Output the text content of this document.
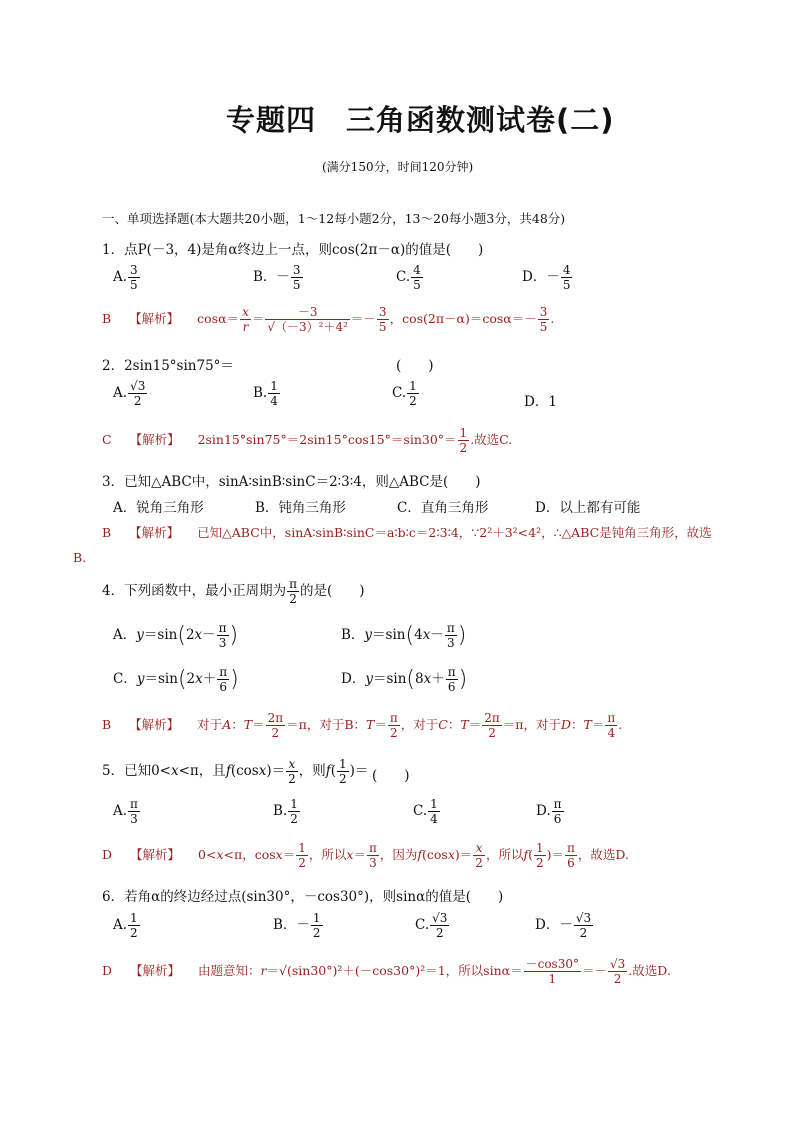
专题四　三角函数测试卷(二)
(满分150分，时间120分钟)
一、单项选择题(本大题共20小题，1～12每小题2分，13～20每小题3分，共48分)
1．点P(－3，4)是角α终边上一点，则cos(2π－α)的值是(　　)
A. $\frac{3}{5}$	B．－ $\frac{3}{5}$	C. $\frac{4}{5}$	D．－ $\frac{4}{5}$
B 【解析】 $\cos\alpha= \frac{x}{r} = \frac{-3}{\text{√（－3）²＋4²}} =- \frac{3}{5}$ ，$\cos(2\pi-\alpha)=\cos\alpha=- \frac{3}{5}$ .
2．2sin15°sin75°＝	(　　)
A. $\frac{√3}{2}$	B. $\frac{1}{4}$	C. $\frac{1}{2}$	D．1
C 【解析】 $2\sin 15^\circ\sin 75^\circ=2\sin 15^\circ\cos 15^\circ=\sin 30^\circ= \frac{1}{2}$ .故选C.
3．已知△ABC中，sinA∶sinB∶sinC＝2∶3∶4，则△ABC是(　　)
A．锐角三角形	B．钝角三角形	C．直角三角形	D．以上都有可能
B 【解析】 已知△ABC中，sinA∶sinB∶sinC＝a∶b∶c＝2∶3∶4，∵2²＋3²<4²，∴△ABC是钝角三角形，故选
B.
4．下列函数中，最小正周期为 $\frac{\pi}{2}$ 的是(　　)
A．$y=\sin(2x- \frac{\pi}{3}$ )	B．$y=\sin(4x- \frac{\pi}{3}$ )
C．$y=\sin(2x+ \frac{\pi}{6}$ )	D．$y=\sin(8x+ \frac{\pi}{6}$ )
B 【解析】 对于A：$T= \frac{2\pi}{2} =\pi$，对于B：$T= \frac{\pi}{2}$ ，对于C：$T= \frac{2\pi}{2} =\pi$，对于D：$T= \frac{\pi}{4}$ .
5．已知0<x<π，且$f(\cos x)= \frac{x}{2}$ ，则$f( \frac{1}{2}$ )＝ (　　)
A. $\frac{\pi}{3}$	B. $\frac{1}{2}$	C. $\frac{1}{4}$	D. $\frac{\pi}{6}$
D 【解析】 0<x<π，$\cos x= \frac{1}{2}$ ，所以$x= \frac{\pi}{3}$ ，因为$f(\cos x)= \frac{x}{2}$ ，所以$f( \frac{1}{2}$ )＝ $\frac{\pi}{6}$ ，故选D.
6．若角α的终边经过点(sin30°，－cos30°)，则sinα的值是(　　)
A. $\frac{1}{2}$	B．－ $\frac{1}{2}$	C. $\frac{√3}{2}$	D．－ $\frac{√3}{2}$
D 【解析】 由题意知：r＝√(sin30°)²＋(－cos30°)²＝1，所以$\sin\alpha= \frac{-\cos 30^\circ}{1} =- \frac{√3}{2}$ .故选D.
